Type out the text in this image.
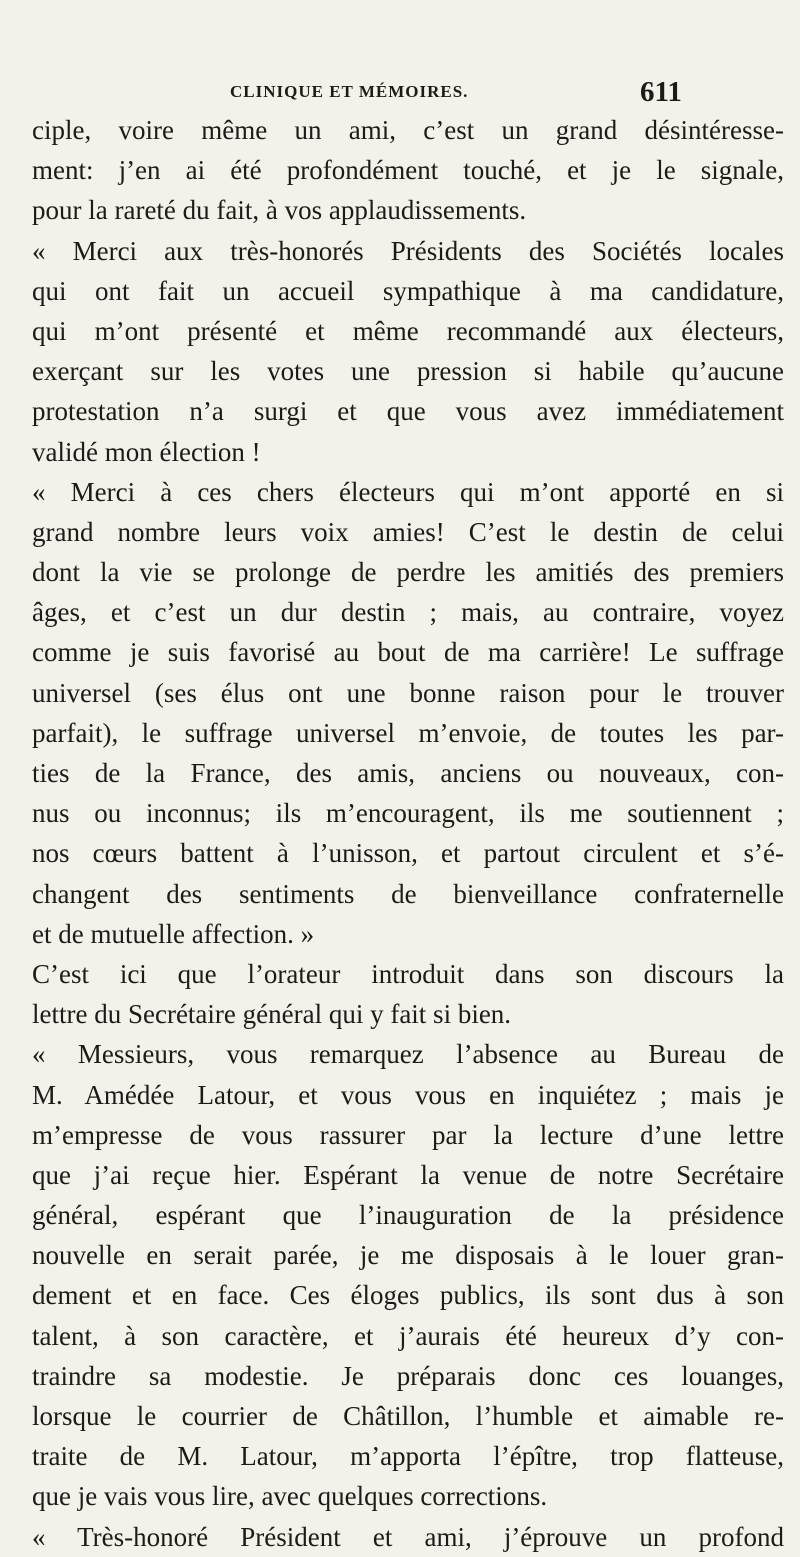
CLINIQUE ET MÉMOIRES.	611
ciple, voire même un ami, c’est un grand désintéresse-
ment: j’en ai été profondément touché, et je le signale,
pour la rareté du fait, à vos applaudissements.
« Merci aux très-honorés Présidents des Sociétés locales
qui ont fait un accueil sympathique à ma candidature,
qui m’ont présenté et même recommandé aux électeurs,
exerçant sur les votes une pression si habile qu’aucune
protestation n’a surgi et que vous avez immédiatement
validé mon élection !
« Merci à ces chers électeurs qui m’ont apporté en si
grand nombre leurs voix amies! C’est le destin de celui
dont la vie se prolonge de perdre les amitiés des premiers
âges, et c’est un dur destin ; mais, au contraire, voyez
comme je suis favorisé au bout de ma carrière! Le suffrage
universel (ses élus ont une bonne raison pour le trouver
parfait), le suffrage universel m’envoie, de toutes les par-
ties de la France, des amis, anciens ou nouveaux, con-
nus ou inconnus; ils m’encouragent, ils me soutiennent ;
nos cœurs battent à l’unisson, et partout circulent et s’é-
changent des sentiments de bienveillance confraternelle
et de mutuelle affection. »
C’est ici que l’orateur introduit dans son discours la
lettre du Secrétaire général qui y fait si bien.
« Messieurs, vous remarquez l’absence au Bureau de
M. Amédée Latour, et vous vous en inquiétez ; mais je
m’empresse de vous rassurer par la lecture d’une lettre
que j’ai reçue hier. Espérant la venue de notre Secrétaire
général, espérant que l’inauguration de la présidence
nouvelle en serait parée, je me disposais à le louer gran-
dement et en face. Ces éloges publics, ils sont dus à son
talent, à son caractère, et j’aurais été heureux d’y con-
traindre sa modestie. Je préparais donc ces louanges,
lorsque le courrier de Châtillon, l’humble et aimable re-
traite de M. Latour, m’apporta l’épître, trop flatteuse,
que je vais vous lire, avec quelques corrections.
« Très-honoré Président et ami, j’éprouve un profond
